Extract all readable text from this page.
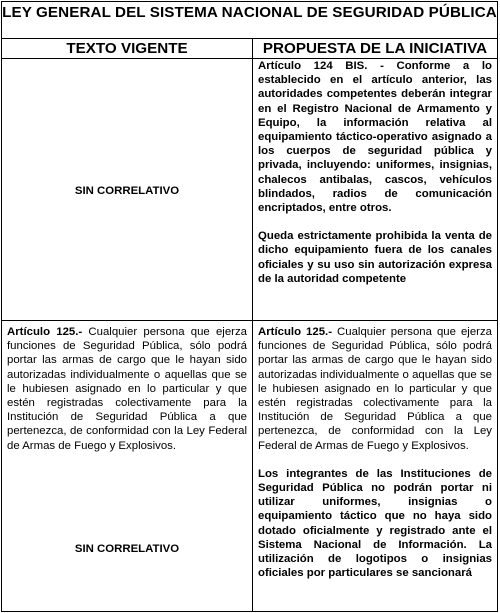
LEY GENERAL DEL SISTEMA NACIONAL DE SEGURIDAD PÚBLICA
TEXTO VIGENTE	PROPUESTA DE LA INICIATIVA
SIN CORRELATIVO
Artículo 124 BIS. - Conforme a lo establecido en el artículo anterior, las autoridades competentes deberán integrar en el Registro Nacional de Armamento y Equipo, la información relativa al equipamiento táctico-operativo asignado a los cuerpos de seguridad pública y privada, incluyendo: uniformes, insignias, chalecos antibalas, cascos, vehículos blindados, radios de comunicación encriptados, entre otros.
Queda estrictamente prohibida la venta de dicho equipamiento fuera de los canales oficiales y su uso sin autorización expresa de la autoridad competente
Artículo 125.- Cualquier persona que ejerza funciones de Seguridad Pública, sólo podrá portar las armas de cargo que le hayan sido autorizadas individualmente o aquellas que se le hubiesen asignado en lo particular y que estén registradas colectivamente para la Institución de Seguridad Pública a que pertenezca, de conformidad con la Ley Federal de Armas de Fuego y Explosivos.
SIN CORRELATIVO
Artículo 125.- Cualquier persona que ejerza funciones de Seguridad Pública, sólo podrá portar las armas de cargo que le hayan sido autorizadas individualmente o aquellas que se le hubiesen asignado en lo particular y que estén registradas colectivamente para la Institución de Seguridad Pública a que pertenezca, de conformidad con la Ley Federal de Armas de Fuego y Explosivos.
Los integrantes de las Instituciones de Seguridad Pública no podrán portar ni utilizar uniformes, insignias o equipamiento táctico que no haya sido dotado oficialmente y registrado ante el Sistema Nacional de Información. La utilización de logotipos o insignias oficiales por particulares se sancionará
